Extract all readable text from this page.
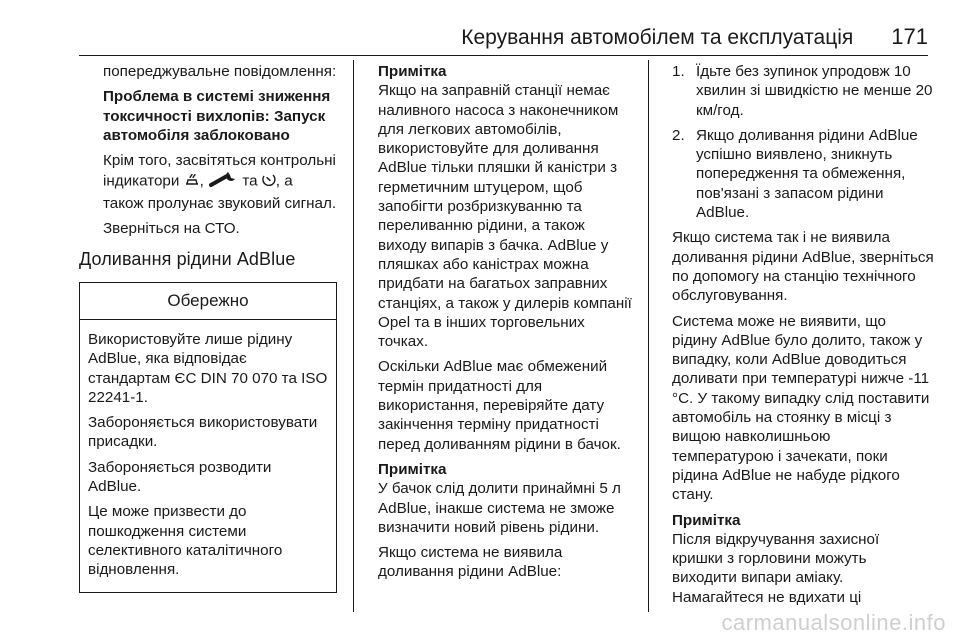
Керування автомобілем та експлуатація 171

попереджувальне повідомлення:

Проблема в системі зниження токсичності вихлопів: Запуск автомобіля заблоковано

Крім того, засвітяться контрольні індикатори ,	та , а також пролунає звуковий сигнал.

Зверніться на СТО.

Доливання рідини AdBlue

Обережно

Використовуйте лише рідину AdBlue, яка відповідає стандартам ЄС DIN 70 070 та ISO 22241-1.

Забороняється використовувати присадки.

Забороняється розводити AdBlue.

Це може призвести до пошкодження системи селективного каталітичного відновлення.

Примітка

Якщо на заправній станції немає наливного насоса з наконечником для легкових автомобілів, використовуйте для доливання AdBlue тільки пляшки й каністри з герметичним штуцером, щоб запобігти розбризкуванню та переливанню рідини, а також виходу випарів з бачка. AdBlue у пляшках або каністрах можна придбати на багатьох заправних станціях, а також у дилерів компанії Opel та в інших торговельних точках.

Оскільки AdBlue має обмежений термін придатності для використання, перевіряйте дату закінчення терміну придатності перед доливанням рідини в бачок.

Примітка

У бачок слід долити принаймні 5 л AdBlue, інакше система не зможе визначити новий рівень рідини.

Якщо система не виявила доливання рідини AdBlue:

1. Їдьте без зупинок упродовж 10 хвилин зі швидкістю не менше 20 км/год.
2. Якщо доливання рідини AdBlue успішно виявлено, зникнуть попередження та обмеження, пов'язані з запасом рідини AdBlue.

Якщо система так і не виявила доливання рідини AdBlue, зверніться по допомогу на станцію технічного обслуговування.

Система може не виявити, що рідину AdBlue було долито, також у випадку, коли AdBlue доводиться доливати при температурі нижче -11 °C. У такому випадку слід поставити автомобіль на стоянку в місці з вищою навколишньою температурою і зачекати, поки рідина AdBlue не набуде рідкого стану.

Примітка

Після відкручування захисної кришки з горловини можуть виходити випари аміаку. Намагайтеся не вдихати ці

carmanualsonline.info
